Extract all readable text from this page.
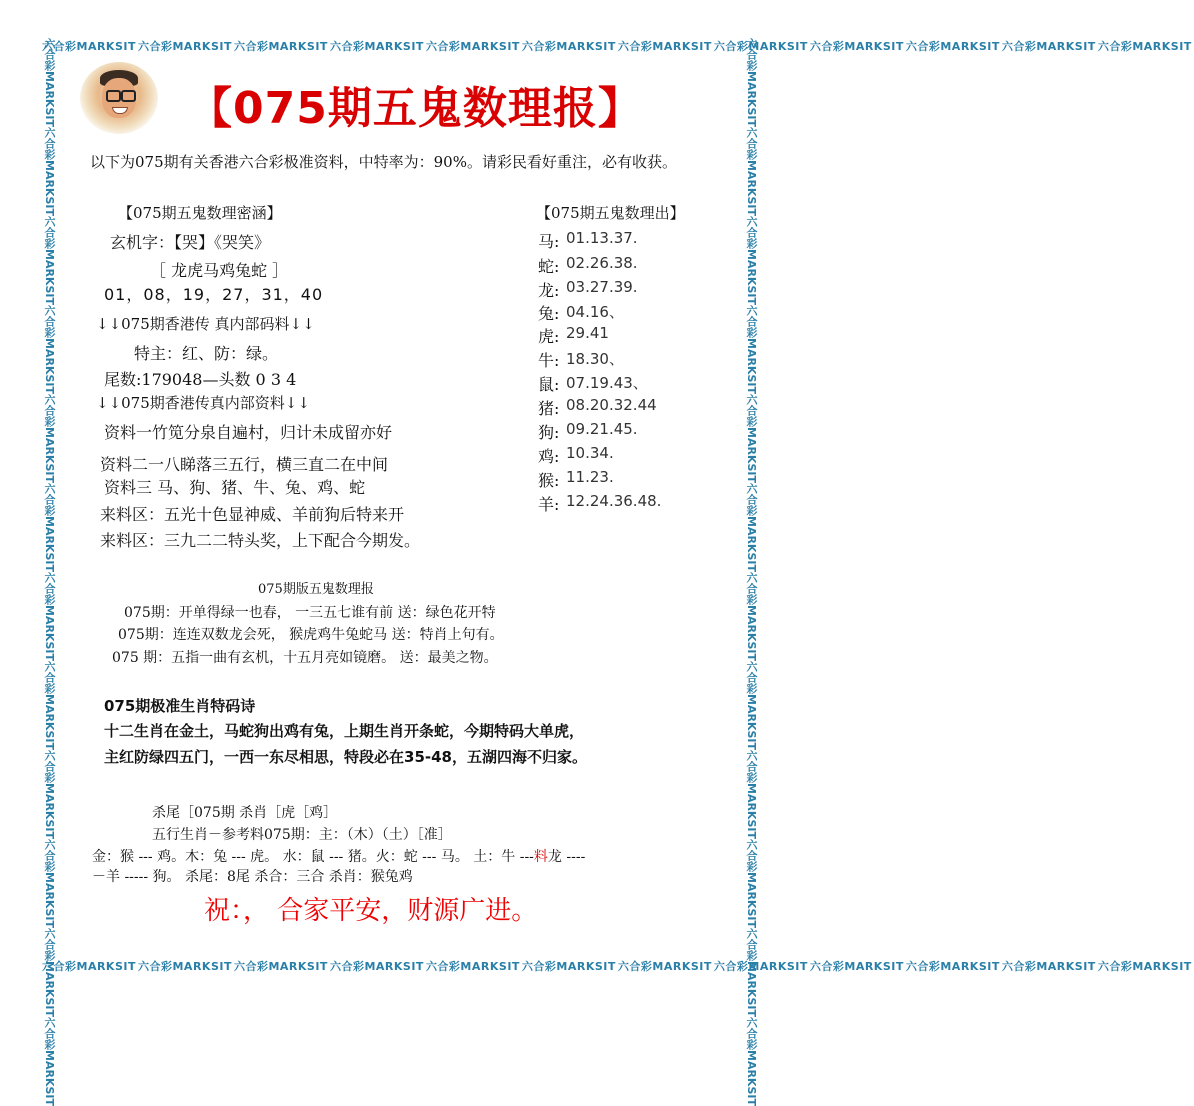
六合彩MARKSIT 六合彩MARKSIT 六合彩MARKSIT 六合彩MARKSIT 六合彩MARKSIT 六合彩MARKSIT 六合彩MARKSIT 六合彩MARKSIT 六合彩MARKSIT 六合彩MARKSIT 六合彩MARKSIT 六合彩MARKSIT
六合彩MARKSIT 六合彩MARKSIT 六合彩MARKSIT 六合彩MARKSIT 六合彩MARKSIT 六合彩MARKSIT 六合彩MARKSIT 六合彩MARKSIT 六合彩MARKSIT 六合彩MARKSIT 六合彩MARKSIT 六合彩MARKSIT
六合彩MARKSIT六合彩MARKSIT六合彩MARKSIT六合彩MARKSIT六合彩MARKSIT六合彩MARKSIT六合彩MARKSIT六合彩MARKSIT六合彩MARKSIT六合彩MARKSIT六合彩MARKSIT六合彩MARKSIT
六合彩MARKSIT六合彩MARKSIT六合彩MARKSIT六合彩MARKSIT六合彩MARKSIT六合彩MARKSIT六合彩MARKSIT六合彩MARKSIT六合彩MARKSIT六合彩MARKSIT六合彩MARKSIT六合彩MARKSIT
【075期五鬼数理报】
以下为075期有关香港六合彩极准资料，中特率为：90%。请彩民看好重注，必有收获。
【075期五鬼数理密涵】
玄机字：【哭】《哭笑》
［ 龙虎马鸡兔蛇 ］
01，08，19，27，31，40
↓↓075期香港传 真内部码料↓↓
特主：红、防：绿。
尾数:179048—头数 0 3 4
↓↓075期香港传真内部资料↓↓
资料一竹笕分泉自遍村，归计未成留亦好
资料二一八睇落三五行，横三直二在中间
资料三 马、狗、猪、牛、兔、鸡、蛇
来料区：五光十色显神威、羊前狗后特来开
来料区：三九二二特头奖，上下配合今期发。
【075期五鬼数理出】
马: 01.13.37.
蛇: 02.26.38.
龙: 03.27.39.
兔: 04.16、
虎: 29.41
牛: 18.30、
鼠: 07.19.43、
猪: 08.20.32.44
狗: 09.21.45.
鸡: 10.34.
猴: 11.23.
羊: 12.24.36.48.
075期版五鬼数理报
075期：开单得绿一也春， 一三五七谁有前 送：绿色花开特
075期：连连双数龙会死， 猴虎鸡牛兔蛇马 送：特肖上句有。
075 期：五指一曲有玄机，十五月亮如镜磨。 送：最美之物。
075期极准生肖特码诗
十二生肖在金土，马蛇狗出鸡有兔，上期生肖开条蛇，今期特码大单虎，
主红防绿四五门，一西一东尽相思，特段必在35-48，五湖四海不归家。
杀尾［075期 杀肖［虎［鸡］
五行生肖－参考料075期：主：（木）（土）［准］
金：猴 --- 鸡。木：兔 --- 虎。 水：鼠 --- 猪。火：蛇 --- 马。 土：牛 ---料龙 ----
－羊 ----- 狗。 杀尾：8尾 杀合：三合 杀肖：猴兔鸡
祝：， 合家平安，财源广进。
